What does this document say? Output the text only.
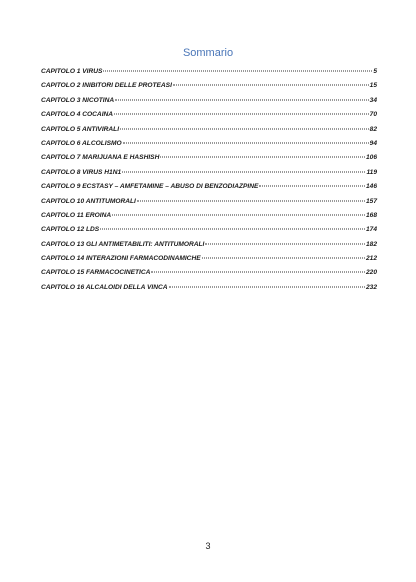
Sommario
CAPITOLO 1 VIRUS	5
CAPITOLO 2 INIBITORI DELLE PROTEASI	15
CAPITOLO 3 NICOTINA	34
CAPITOLO 4 COCAINA	70
CAPITOLO 5 ANTIVIRALI	82
CAPITOLO 6 ALCOLISMO	94
CAPITOLO 7 MARIJUANA E HASHISH	106
CAPITOLO 8 VIRUS H1N1	119
CAPITOLO 9 ECSTASY – AMFETAMINE – ABUSO DI BENZODIAZPINE	146
CAPITOLO 10 ANTITUMORALI	157
CAPITOLO 11 EROINA	168
CAPITOLO 12 LDS	174
CAPITOLO 13 GLI ANTIMETABILITI: ANTITUMORALI	182
CAPITOLO 14 INTERAZIONI FARMACODINAMICHE	212
CAPITOLO 15 FARMACOCINETICA	220
CAPITOLO 16 ALCALOIDI DELLA VINCA	232
3
